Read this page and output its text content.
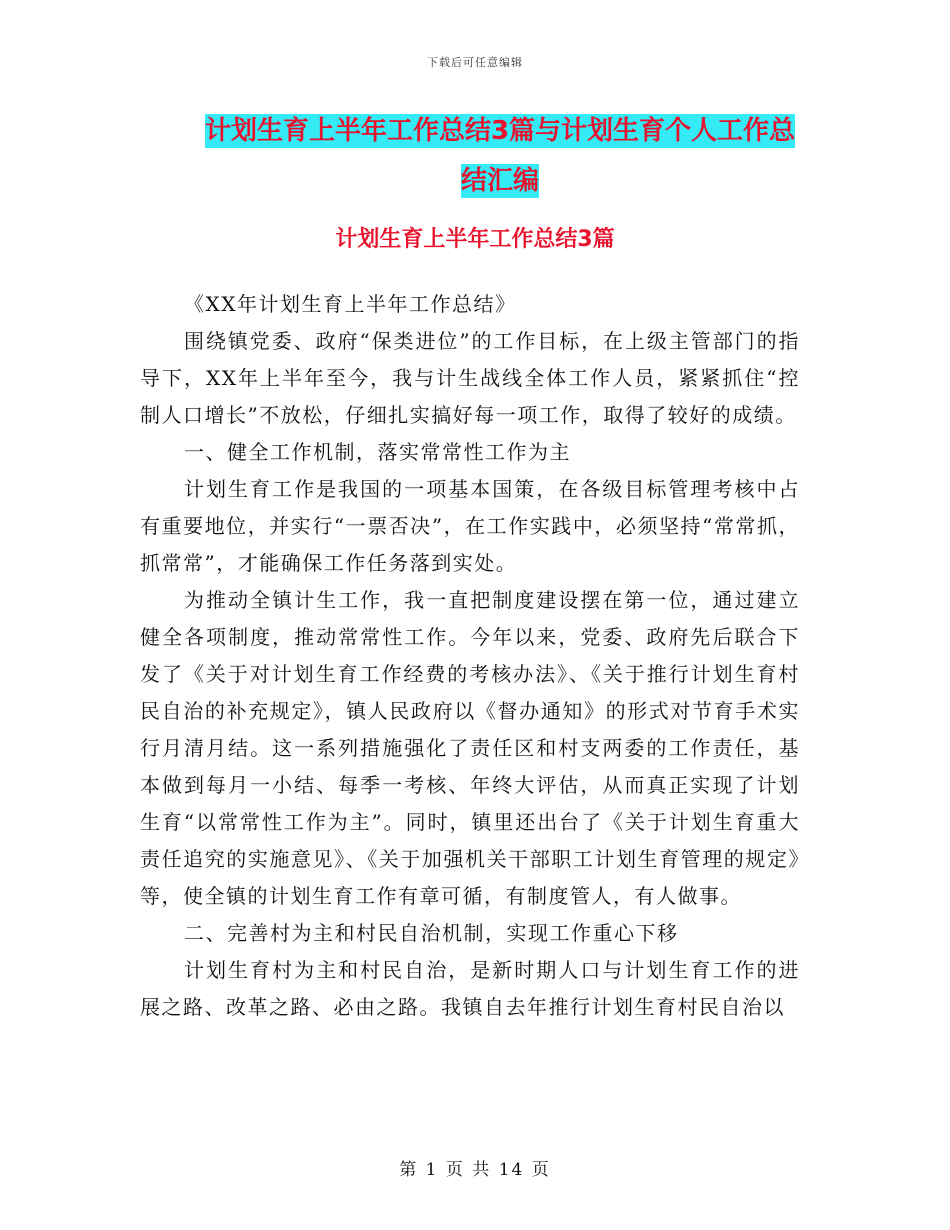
下载后可任意编辑
计划生育上半年工作总结3篇与计划生育个人工作总
结汇编
计划生育上半年工作总结3篇

《XX年计划生育上半年工作总结》

围绕镇党委、政府“保类进位”的工作目标，在上级主管部门的指导下，XX年上半年至今，我与计生战线全体工作人员，紧紧抓住“控制人口增长”不放松，仔细扎实搞好每一项工作，取得了较好的成绩。

一、健全工作机制，落实常常性工作为主

计划生育工作是我国的一项基本国策，在各级目标管理考核中占有重要地位，并实行“一票否决”，在工作实践中，必须坚持“常常抓，抓常常”，才能确保工作任务落到实处。

为推动全镇计生工作，我一直把制度建设摆在第一位，通过建立健全各项制度，推动常常性工作。今年以来，党委、政府先后联合下发了《关于对计划生育工作经费的考核办法》、《关于推行计划生育村民自治的补充规定》，镇人民政府以《督办通知》的形式对节育手术实行月清月结。这一系列措施强化了责任区和村支两委的工作责任，基本做到每月一小结、每季一考核、年终大评估，从而真正实现了计划生育“以常常性工作为主”。同时，镇里还出台了《关于计划生育重大责任追究的实施意见》、《关于加强机关干部职工计划生育管理的规定》等，使全镇的计划生育工作有章可循，有制度管人，有人做事。

二、完善村为主和村民自治机制，实现工作重心下移

计划生育村为主和村民自治，是新时期人口与计划生育工作的进展之路、改革之路、必由之路。我镇自去年推行计划生育村民自治以

第 1 页 共 14 页
